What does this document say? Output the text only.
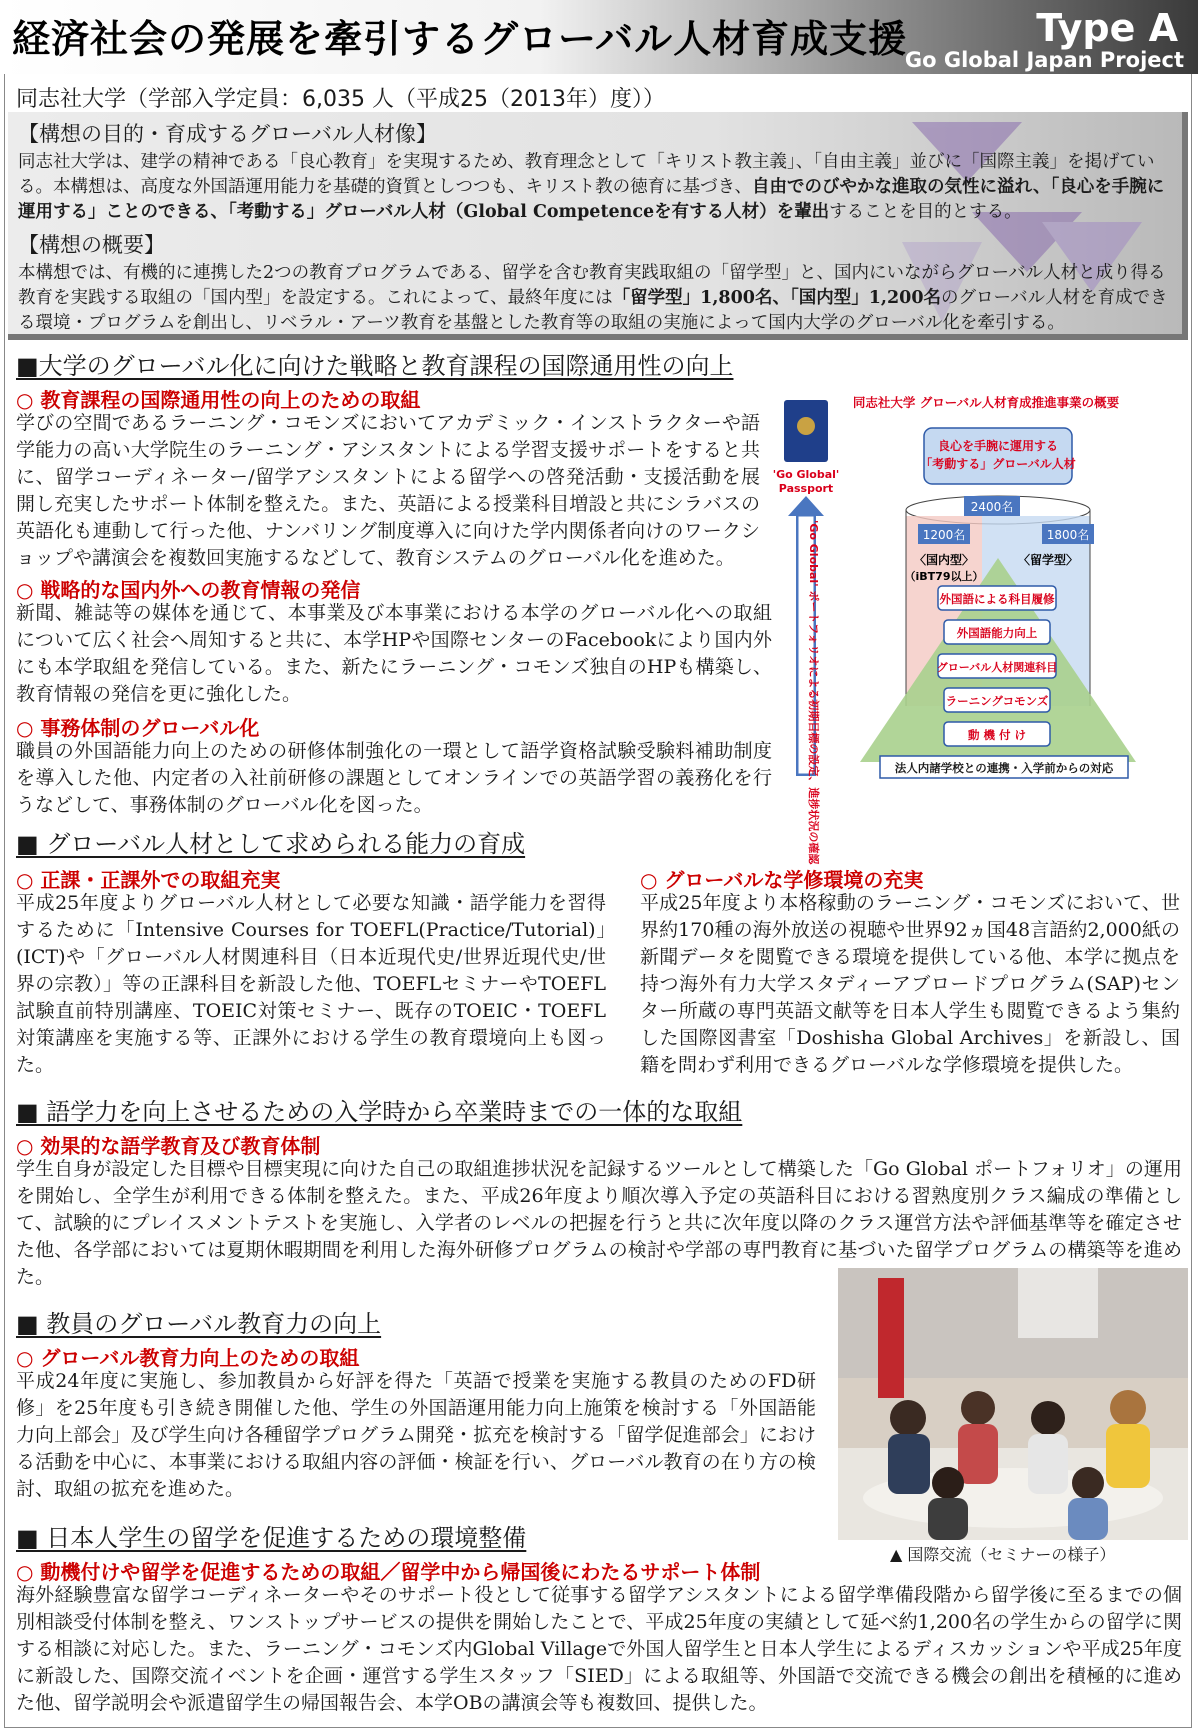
経済社会の発展を牽引するグローバル人材育成支援	Type A
Go Global Japan Project
同志社大学（学部入学定員：6,035 人（平成25（2013年）度））
【構想の目的・育成するグローバル人材像】

同志社大学は、建学の精神である「良心教育」を実現するため、教育理念として「キリスト教主義」、「自由主義」並びに「国際主義」を掲げている。本構想は、高度な外国語運用能力を基礎的資質としつつも、キリスト教の徳育に基づき、自由でのびやかな進取の気性に溢れ、「良心を手腕に運用する」ことのできる、「考動する」グローバル人材（Global Competenceを有する人材）を輩出することを目的とする。

【構想の概要】

本構想では、有機的に連携した2つの教育プログラムである、留学を含む教育実践取組の「留学型」と、国内にいながらグローバル人材と成り得る教育を実践する取組の「国内型」を設定する。これによって、最終年度には「留学型」1,800名、「国内型」1,200名のグローバル人材を育成できる環境・プログラムを創出し、リベラル・アーツ教育を基盤とした教育等の取組の実施によって国内大学のグローバル化を牽引する。

■大学のグローバル化に向けた戦略と教育課程の国際通用性の向上
○ 教育課程の国際通用性の向上のための取組
学びの空間であるラーニング・コモンズにおいてアカデミック・インストラクターや語学能力の高い大学院生のラーニング・アシスタントによる学習支援サポートをすると共に、留学コーディネーター/留学アシスタントによる留学への啓発活動・支援活動を展開し充実したサポート体制を整えた。また、英語による授業科目増設と共にシラバスの英語化も連動して行った他、ナンバリング制度導入に向けた学内関係者向けのワークショップや講演会を複数回実施するなどして、教育システムのグローバル化を進めた。
○ 戦略的な国内外への教育情報の発信
新聞、雑誌等の媒体を通じて、本事業及び本事業における本学のグローバル化への取組について広く社会へ周知すると共に、本学HPや国際センターのFacebookにより国内外にも本学取組を発信している。また、新たにラーニング・コモンズ独自のHPも構築し、教育情報の発信を更に強化した。
○ 事務体制のグローバル化
職員の外国語能力向上のための研修体制強化の一環として語学資格試験受験料補助制度を導入した他、内定者の入社前研修の課題としてオンラインでの英語学習の義務化を行うなどして、事務体制のグローバル化を図った。
'Go Global'
Passport
'Go Global' ポートフォリオによる初期目標の設定、進捗状況の確認
同志社大学 グローバル人材育成推進事業の概要
良心を手腕に運用する
「考動する」グローバル人材
2400名
1200名	1800名
〈国内型〉
（iBT79以上）
〈留学型〉
外国語による科目履修
外国語能力向上
グローバル人材関連科目
ラーニングコモンズ
動 機 付 け
法人内諸学校との連携・入学前からの対応
■ グローバル人材として求められる能力の育成
○ 正課・正課外での取組充実
平成25年度よりグローバル人材として必要な知識・語学能力を習得するために「Intensive Courses for TOEFL(Practice/Tutorial)」(ICT)や「グローバル人材関連科目（日本近現代史/世界近現代史/世界の宗教）」等の正課科目を新設した他、TOEFLセミナーやTOEFL試験直前特別講座、TOEIC対策セミナー、既存のTOEIC・TOEFL対策講座を実施する等、正課外における学生の教育環境向上も図った。
○ グローバルな学修環境の充実
平成25年度より本格稼動のラーニング・コモンズにおいて、世界約170種の海外放送の視聴や世界92ヵ国48言語約2,000紙の新聞データを閲覧できる環境を提供している他、本学に拠点を持つ海外有力大学スタディーアブロードプログラム(SAP)センター所蔵の専門英語文献等を日本人学生も閲覧できるよう集約した国際図書室「Doshisha Global Archives」を新設し、国籍を問わず利用できるグローバルな学修環境を提供した。
■ 語学力を向上させるための入学時から卒業時までの一体的な取組
○ 効果的な語学教育及び教育体制
学生自身が設定した目標や目標実現に向けた自己の取組進捗状況を記録するツールとして構築した「Go Global ポートフォリオ」の運用を開始し、全学生が利用できる体制を整えた。また、平成26年度より順次導入予定の英語科目における習熟度別クラス編成の準備として、試験的にプレイスメントテストを実施し、入学者のレベルの把握を行うと共に次年度以降のクラス運営方法や評価基準等を確定させた他、各学部においては夏期休暇期間を利用した海外研修プログラムの検討や学部の専門教育に基づいた留学プログラムの構築等を進めた。
▲ 国際交流（セミナーの様子）
■ 教員のグローバル教育力の向上
○ グローバル教育力向上のための取組
平成24年度に実施し、参加教員から好評を得た「英語で授業を実施する教員のためのFD研修」を25年度も引き続き開催した他、学生の外国語運用能力向上施策を検討する「外国語能力向上部会」及び学生向け各種留学プログラム開発・拡充を検討する「留学促進部会」における活動を中心に、本事業における取組内容の評価・検証を行い、グローバル教育の在り方の検討、取組の拡充を進めた。
■ 日本人学生の留学を促進するための環境整備
○ 動機付けや留学を促進するための取組／留学中から帰国後にわたるサポート体制
海外経験豊富な留学コーディネーターやそのサポート役として従事する留学アシスタントによる留学準備段階から留学後に至るまでの個別相談受付体制を整え、ワンストップサービスの提供を開始したことで、平成25年度の実績として延べ約1,200名の学生からの留学に関する相談に対応した。また、ラーニング・コモンズ内Global Villageで外国人留学生と日本人学生によるディスカッションや平成25年度に新設した、国際交流イベントを企画・運営する学生スタッフ「SIED」による取組等、外国語で交流できる機会の創出を積極的に進めた他、留学説明会や派遣留学生の帰国報告会、本学OBの講演会等も複数回、提供した。
